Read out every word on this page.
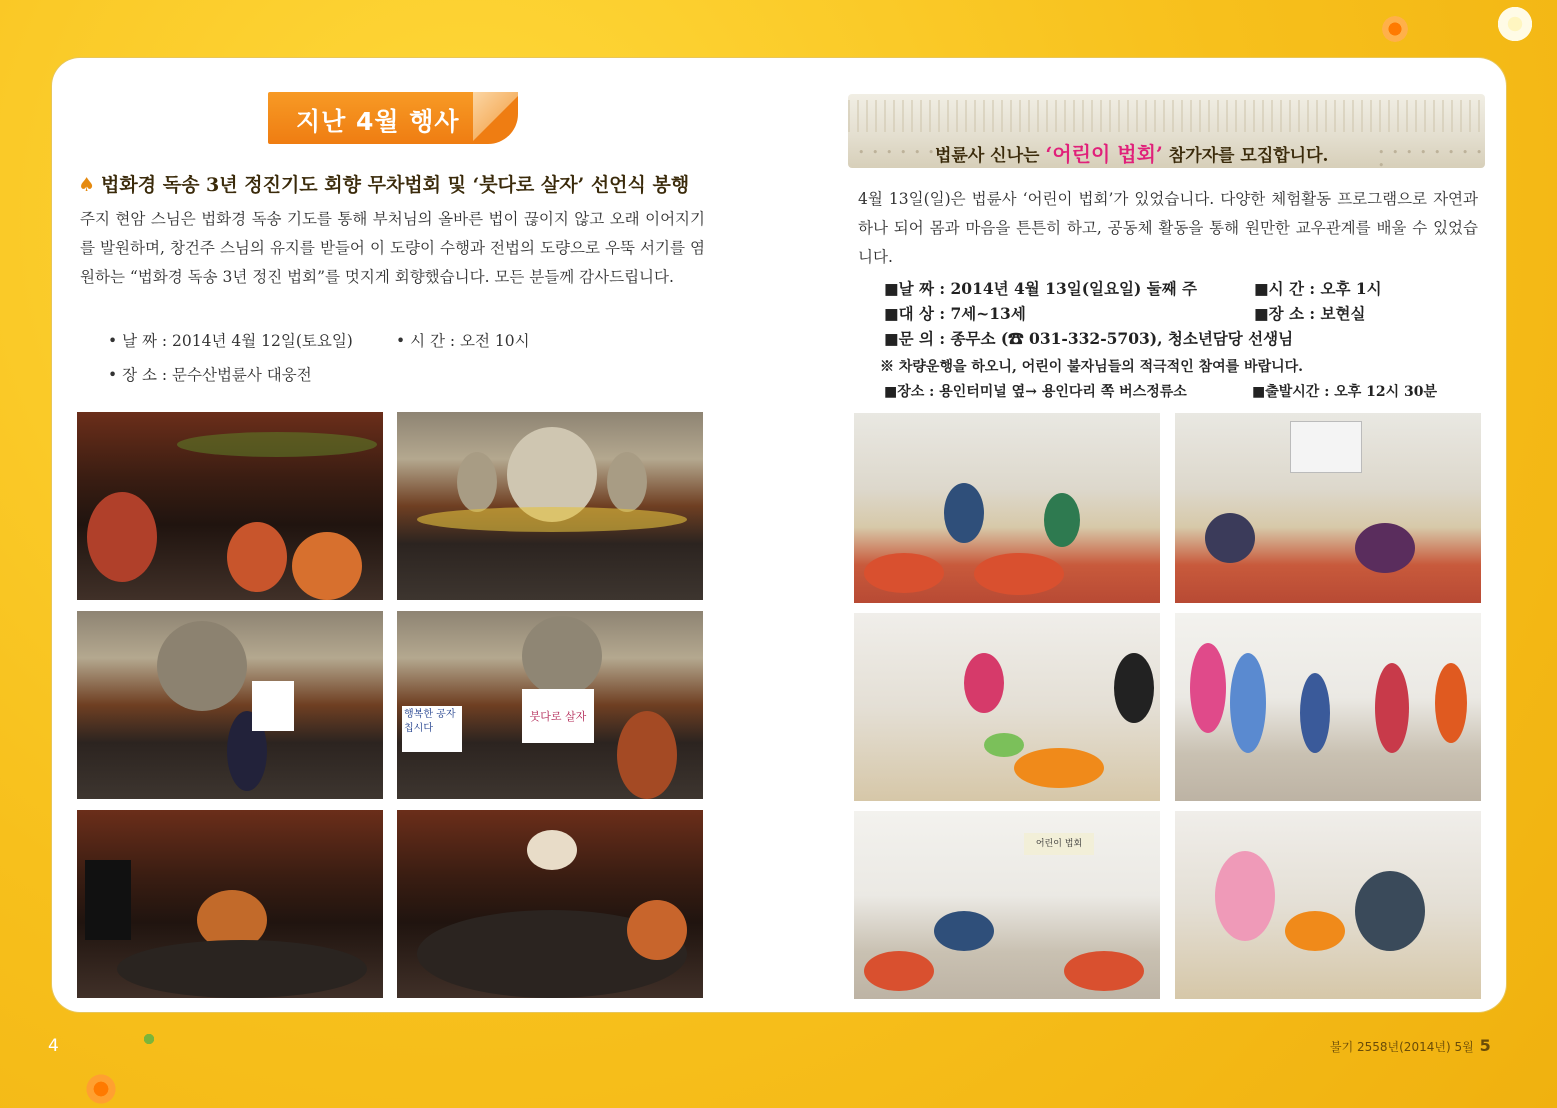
지난 4월 행사
♠ 법화경 독송 3년 정진기도 회향 무차법회 및 ‘붓다로 살자’ 선언식 봉행
주지 현암 스님은 법화경 독송 기도를 통해 부처님의 올바른 법이 끊이지 않고 오래 이어지기를 발원하며, 창건주 스님의 유지를 받들어 이 도량이 수행과 전법의 도량으로 우뚝 서기를 염원하는 “법화경 독송 3년 정진 법회”를 멋지게 회향했습니다. 모든 분들께 감사드립니다.
• 날 짜 : 2014년 4월 12일(토요일)	• 시 간 : 오전 10시
• 장 소 : 문수산법륜사 대웅전
행복한 공자 칩시다
붓다로 살자
• • • • • • • •	• • • • • • • • •
법륜사 신나는 ‘어린이 법회’ 참가자를 모집합니다.
4월 13일(일)은 법륜사 ‘어린이 법회’가 있었습니다. 다양한 체험활동 프로그램으로 자연과 하나 되어 몸과 마음을 튼튼히 하고, 공동체 활동을 통해 원만한 교우관계를 배울 수 있었습니다.
■날 짜 : 2014년 4월 13일(일요일) 둘째 주	■시 간 : 오후 1시
■대 상 : 7세~13세	■장 소 : 보현실
■문 의 : 종무소 (☎ 031-332-5703), 청소년담당 선생님
※ 차량운행을 하오니, 어린이 불자님들의 적극적인 참여를 바랍니다.
■장소 : 용인터미널 옆→ 용인다리 쪽 버스정류소	■출발시간 : 오후 12시 30분
어린이 법회
4	불기 2558년(2014년) 5월 5
